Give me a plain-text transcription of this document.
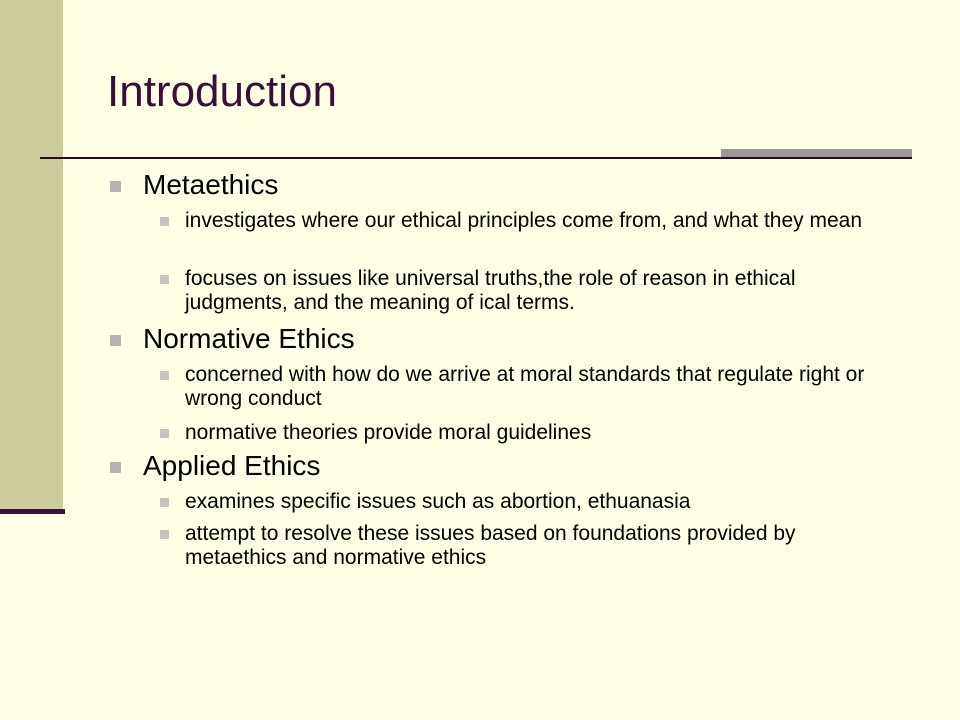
Introduction
Metaethics
investigates where our ethical principles come from, and what they mean
focuses on issues like universal truths,the role of reason in ethical judgments, and the meaning of ical terms.
Normative Ethics
concerned with how do we arrive at moral standards that regulate right or wrong conduct
normative theories provide moral guidelines
Applied Ethics
examines specific issues such as abortion, ethuanasia
attempt to resolve these issues based on foundations provided by metaethics and normative ethics
